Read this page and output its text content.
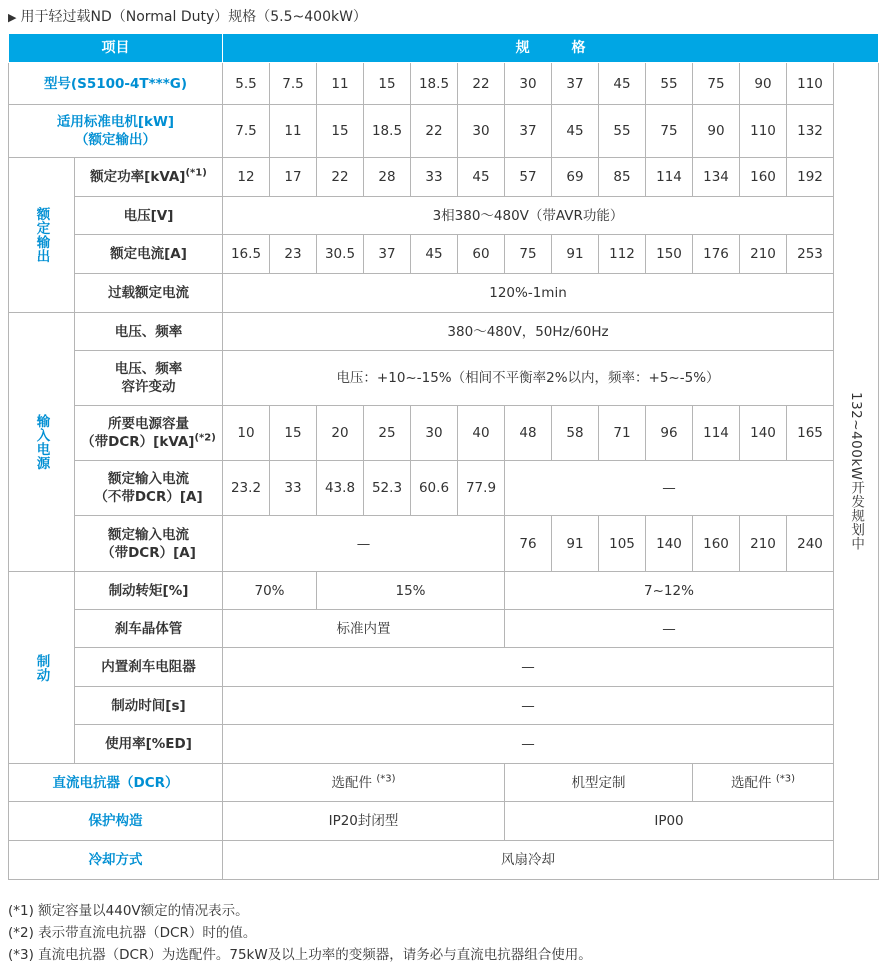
▶ 用于轻过载ND（Normal Duty）规格（5.5~400kW）
项目		规　　　格													
型号(S5100-4T***G)		5.5	7.5	11	15	18.5	22	30	37	45	55	75	90	110	132~400kW开发规划中

适用标准电机[kW]
（额定输出）		7.5	11	15	18.5	22	30	37	45	55	75	90	110	132	

额定输出	额定功率[kVA]$^{(*1)}$	12	17	22	28	33	45	57	69	85	114	134	160	192	
	电压[V]	3相380～480V（带AVR功能）													
	额定电流[A]	16.5	23	30.5	37	45	60	75	91	112	150	176	210	253	
	过载额定电流	120%-1min													

输入电源	电压、频率	380～480V，50Hz/60Hz													

	电压、频率
容许变动	电压：+10~-15%（相间不平衡率2%以内，频率：+5~-5%）													

	所要电源容量
（带DCR）[kVA]$^{(*2)}$	10	15	20	25	30	40	48	58	71	96	114	140	165	

	额定输入电流
（不带DCR）[A]	23.2	33	43.8	52.3	60.6	77.9	—							

	额定输入电流
（带DCR）[A]	—						76	91	105	140	160	210	240	

制动	制动转矩[%]	70%		15%				7~12%							
	刹车晶体管	标准内置						—							
	内置刹车电阻器	—													
	制动时间[s]	—													
	使用率[%ED]	—													
直流电抗器（DCR）		选配件 $^{(*3)}$						机型定制				选配件 $^{(*3)}$
保护构造		IP20封闭型						IP00							
冷却方式		风扇冷却													
(*1) 额定容量以440V额定的情况表示。
(*2) 表示带直流电抗器（DCR）时的值。
(*3) 直流电抗器（DCR）为选配件。75kW及以上功率的变频器，请务必与直流电抗器组合使用。
